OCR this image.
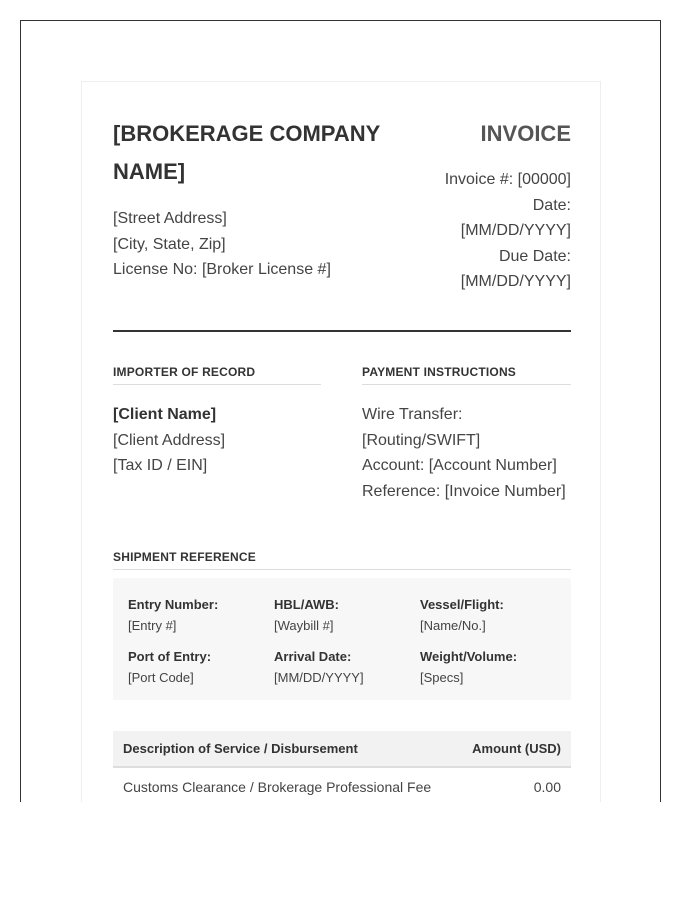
[BROKERAGE COMPANY NAME]
[Street Address]
[City, State, Zip]
License No: [Broker License #]
INVOICE
Invoice #: [00000]
Date:
[MM/DD/YYYY]
Due Date:
[MM/DD/YYYY]
IMPORTER OF RECORD
[Client Name]
[Client Address]
[Tax ID / EIN]
PAYMENT INSTRUCTIONS
Wire Transfer:
[Routing/SWIFT]
Account: [Account Number]
Reference: [Invoice Number]
SHIPMENT REFERENCE
Entry Number:
[Entry #]
HBL/AWB:
[Waybill #]
Vessel/Flight:
[Name/No.]
Port of Entry:
[Port Code]
Arrival Date:
[MM/DD/YYYY]
Weight/Volume:
[Specs]
Description of Service / Disbursement	Amount (USD)
Customs Clearance / Brokerage Professional Fee	0.00
